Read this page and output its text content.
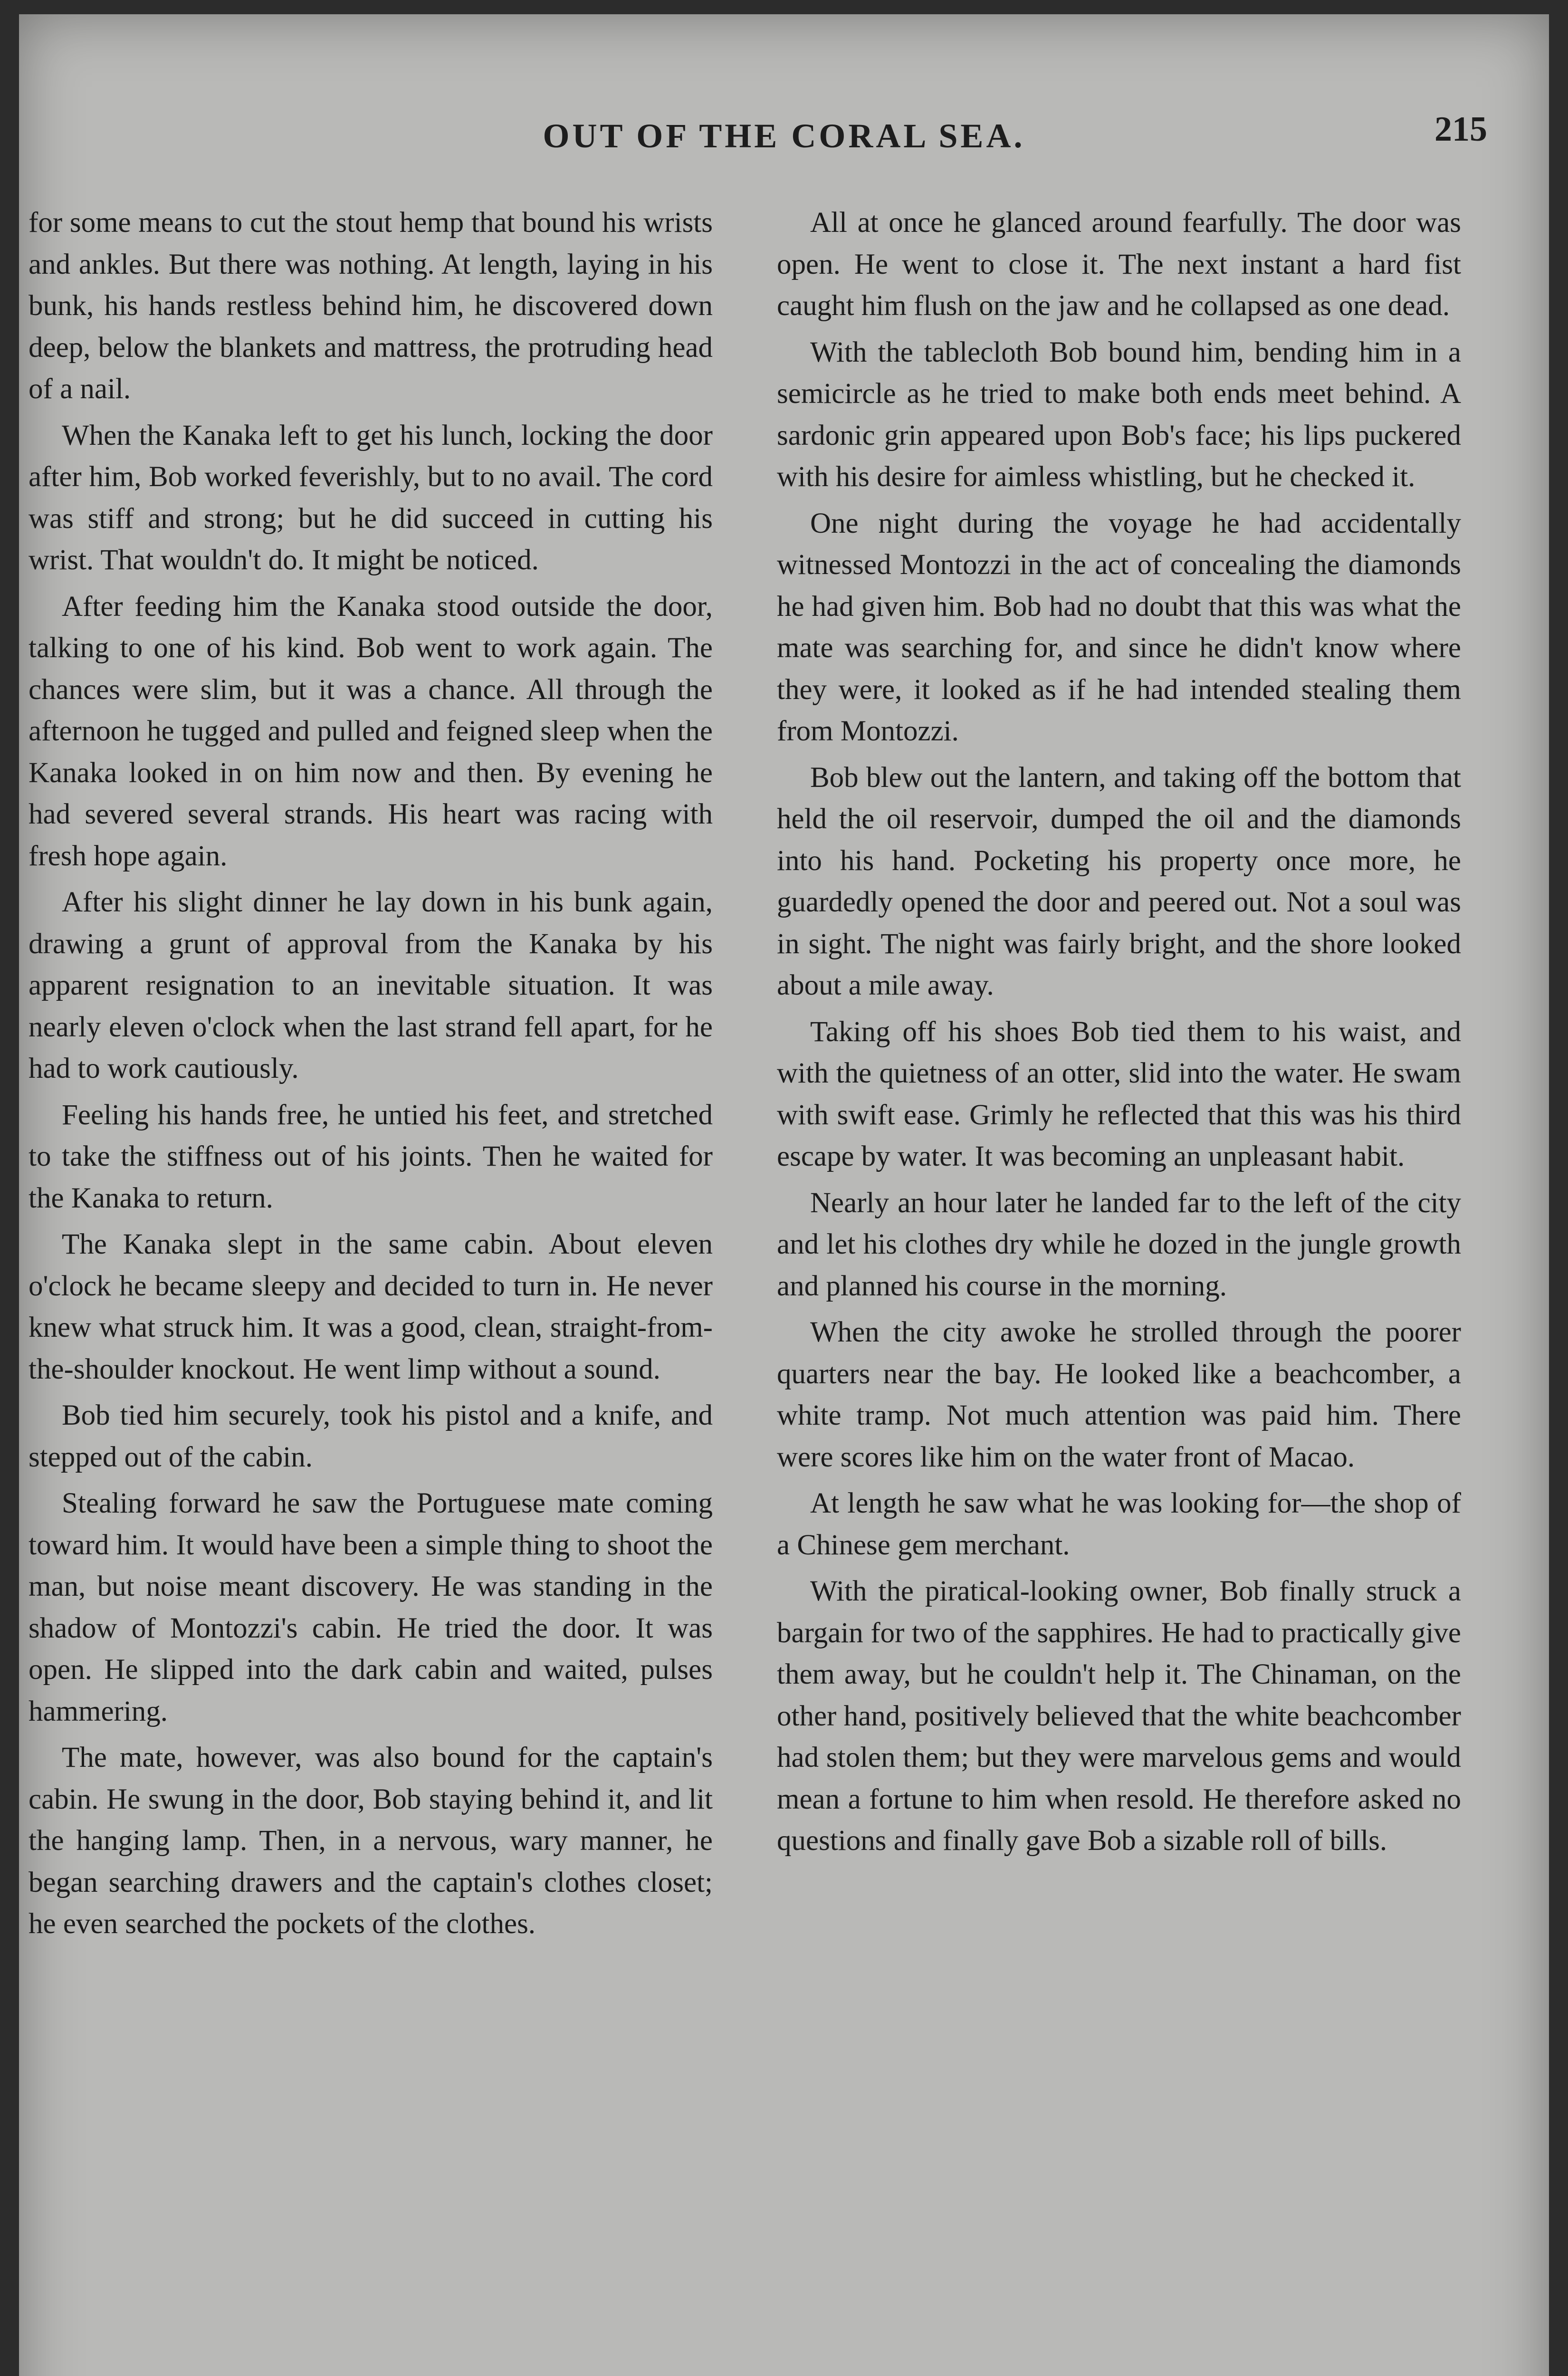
OUT OF THE CORAL SEA.	215

for some means to cut the stout hemp that bound his wrists and ankles. But there was nothing. At length, laying in his bunk, his hands restless behind him, he discovered down deep, below the blankets and mattress, the protruding head of a nail.

When the Kanaka left to get his lunch, locking the door after him, Bob worked feverishly, but to no avail. The cord was stiff and strong; but he did succeed in cutting his wrist. That wouldn't do. It might be noticed.

After feeding him the Kanaka stood outside the door, talking to one of his kind. Bob went to work again. The chances were slim, but it was a chance. All through the afternoon he tugged and pulled and feigned sleep when the Kanaka looked in on him now and then. By evening he had severed several strands. His heart was racing with fresh hope again.

After his slight dinner he lay down in his bunk again, drawing a grunt of approval from the Kanaka by his apparent resignation to an inevitable situation. It was nearly eleven o'clock when the last strand fell apart, for he had to work cautiously.

Feeling his hands free, he untied his feet, and stretched to take the stiffness out of his joints. Then he waited for the Kanaka to return.

The Kanaka slept in the same cabin. About eleven o'clock he became sleepy and decided to turn in. He never knew what struck him. It was a good, clean, straight-from-the-shoulder knockout. He went limp without a sound.

Bob tied him securely, took his pistol and a knife, and stepped out of the cabin.

Stealing forward he saw the Portuguese mate coming toward him. It would have been a simple thing to shoot the man, but noise meant discovery. He was standing in the shadow of Montozzi's cabin. He tried the door. It was open. He slipped into the dark cabin and waited, pulses hammering.

The mate, however, was also bound for the captain's cabin. He swung in the door, Bob staying behind it, and lit the hanging lamp. Then, in a nervous, wary manner, he began searching drawers and the captain's clothes closet; he even searched the pockets of the clothes.

All at once he glanced around fearfully. The door was open. He went to close it. The next instant a hard fist caught him flush on the jaw and he collapsed as one dead.

With the tablecloth Bob bound him, bending him in a semicircle as he tried to make both ends meet behind. A sardonic grin appeared upon Bob's face; his lips puckered with his desire for aimless whistling, but he checked it.

One night during the voyage he had accidentally witnessed Montozzi in the act of concealing the diamonds he had given him. Bob had no doubt that this was what the mate was searching for, and since he didn't know where they were, it looked as if he had intended stealing them from Montozzi.

Bob blew out the lantern, and taking off the bottom that held the oil reservoir, dumped the oil and the diamonds into his hand. Pocketing his property once more, he guardedly opened the door and peered out. Not a soul was in sight. The night was fairly bright, and the shore looked about a mile away.

Taking off his shoes Bob tied them to his waist, and with the quietness of an otter, slid into the water. He swam with swift ease. Grimly he reflected that this was his third escape by water. It was becoming an unpleasant habit.

Nearly an hour later he landed far to the left of the city and let his clothes dry while he dozed in the jungle growth and planned his course in the morning.

When the city awoke he strolled through the poorer quarters near the bay. He looked like a beachcomber, a white tramp. Not much attention was paid him. There were scores like him on the water front of Macao.

At length he saw what he was looking for—the shop of a Chinese gem merchant.

With the piratical-looking owner, Bob finally struck a bargain for two of the sapphires. He had to practically give them away, but he couldn't help it. The Chinaman, on the other hand, positively believed that the white beachcomber had stolen them; but they were marvelous gems and would mean a fortune to him when resold. He therefore asked no questions and finally gave Bob a sizable roll of bills.
